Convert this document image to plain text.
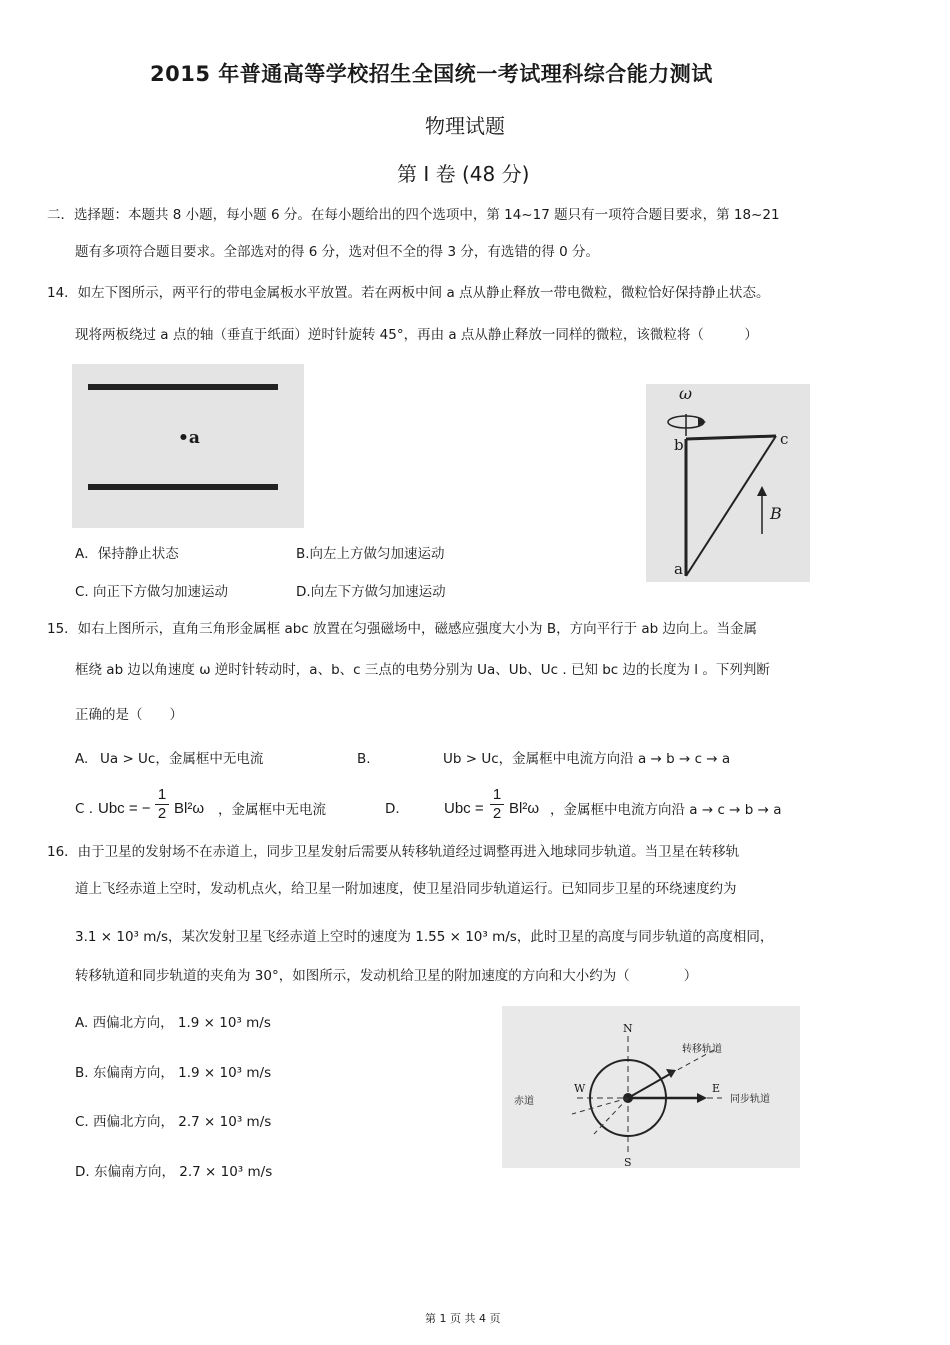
2015 年普通高等学校招生全国统一考试理科综合能力测试
物理试题
第 I 卷 (48 分)
二．选择题：本题共 8 小题，每小题 6 分。在每小题给出的四个选项中，第 14~17 题只有一项符合题目要求，第 18~21
题有多项符合题目要求。全部选对的得 6 分，选对但不全的得 3 分，有选错的得 0 分。
14．如左下图所示，两平行的带电金属板水平放置。若在两板中间 a 点从静止释放一带电微粒，微粒恰好保持静止状态。
现将两板绕过 a 点的轴（垂直于纸面）逆时针旋转 45°，再由 a 点从静止释放一同样的微粒，该微粒将（　　　）
•a
A．保持静止状态	B.向左上方做匀加速运动
C. 向正下方做匀加速运动	D.向左下方做匀加速运动
ω
b	c
a
B
15．如右上图所示，直角三角形金属框 abc 放置在匀强磁场中，磁感应强度大小为 B，方向平行于 ab 边向上。当金属
框绕 ab 边以角速度 ω 逆时针转动时，a、b、c 三点的电势分别为 Ua、Ub、Uc . 已知 bc 边的长度为 l 。下列判断
正确的是（　　）
A. Ua > Uc，金属框中无电流	B.	Ub > Uc，金属框中电流方向沿 a → b → c → a
C . Ubc = − $\frac{1}{2} Bl^2\omega$ ，金属框中无电流	D.	Ubc = $\frac{1}{2} Bl^2\omega$ ，金属框中电流方向沿 a → c → b → a
16．由于卫星的发射场不在赤道上，同步卫星发射后需要从转移轨道经过调整再进入地球同步轨道。当卫星在转移轨
道上飞经赤道上空时，发动机点火，给卫星一附加速度，使卫星沿同步轨道运行。已知同步卫星的环绕速度约为
3.1 × 10³ m/s，某次发射卫星飞经赤道上空时的速度为 1.55 × 10³ m/s，此时卫星的高度与同步轨道的高度相同，
转移轨道和同步轨道的夹角为 30°，如图所示，发动机给卫星的附加速度的方向和大小约为（　　　　）
A. 西偏北方向， 1.9 × 10³ m/s
B. 东偏南方向， 1.9 × 10³ m/s
C. 西偏北方向， 2.7 × 10³ m/s
D. 东偏南方向， 2.7 × 10³ m/s
N
S
E
W
转移轨道
同步轨道
赤道
第 1 页 共 4 页
